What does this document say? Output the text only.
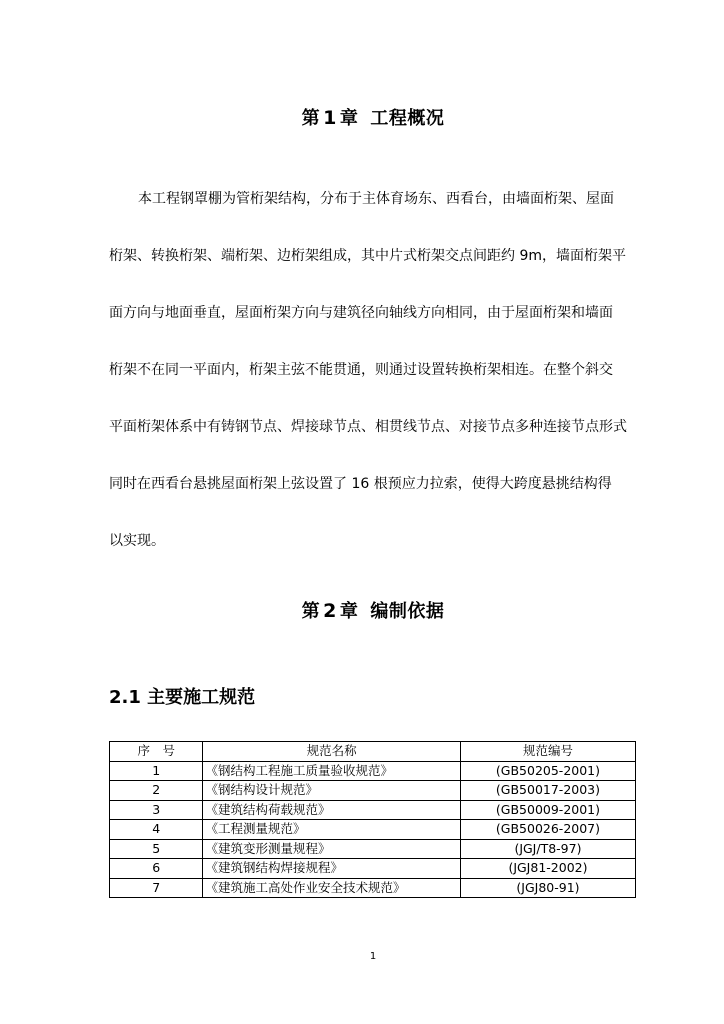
第 1 章 工程概况
本工程钢罩棚为管桁架结构，分布于主体育场东、西看台，由墙面桁架、屋面
桁架、转换桁架、端桁架、边桁架组成，其中片式桁架交点间距约 9m，墙面桁架平
面方向与地面垂直，屋面桁架方向与建筑径向轴线方向相同，由于屋面桁架和墙面
桁架不在同一平面内，桁架主弦不能贯通，则通过设置转换桁架相连。在整个斜交
平面桁架体系中有铸钢节点、焊接球节点、相贯线节点、对接节点多种连接节点形式
同时在西看台悬挑屋面桁架上弦设置了 16 根预应力拉索，使得大跨度悬挑结构得
以实现。
第 2 章 编制依据
2.1 主要施工规范
序　号	规范名称	规范编号
1	《钢结构工程施工质量验收规范》	(GB50205-2001)
2	《钢结构设计规范》	(GB50017-2003)
3	《建筑结构荷载规范》	(GB50009-2001)
4	《工程测量规范》	(GB50026-2007)
5	《建筑变形测量规程》	(JGJ/T8-97)
6	《建筑钢结构焊接规程》	(JGJ81-2002)
7	《建筑施工高处作业安全技术规范》	(JGJ80-91)
1
